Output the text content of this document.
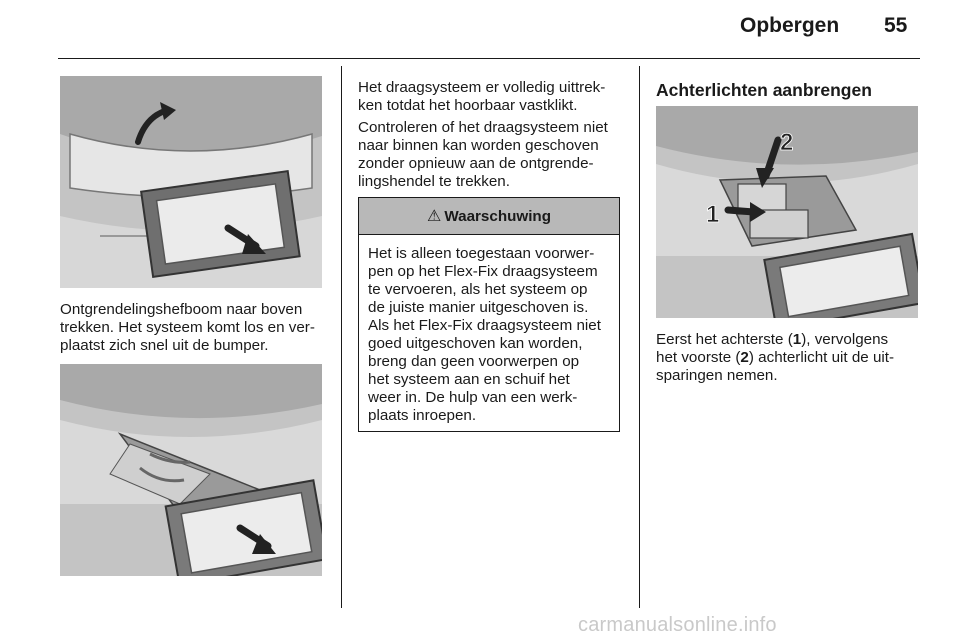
Opbergen 55
Ontgrendelingshefboom naar boven
trekken. Het systeem komt los en ver-
plaatst zich snel uit de bumper.
Het draagsysteem er volledig uittrek-
ken totdat het hoorbaar vastklikt.
Controleren of het draagsysteem niet
naar binnen kan worden geschoven
zonder opnieuw aan de ontgrende-
lingshendel te trekken.
⚠ Waarschuwing
Het is alleen toegestaan voorwer-
pen op het Flex-Fix draagsysteem
te vervoeren, als het systeem op
de juiste manier uitgeschoven is.
Als het Flex-Fix draagsysteem niet
goed uitgeschoven kan worden,
breng dan geen voorwerpen op
het systeem aan en schuif het
weer in. De hulp van een werk-
plaats inroepen.
Achterlichten aanbrengen
2
1
Eerst het achterste (1), vervolgens
het voorste (2) achterlicht uit de uit-
sparingen nemen.
carmanualsonline.info
